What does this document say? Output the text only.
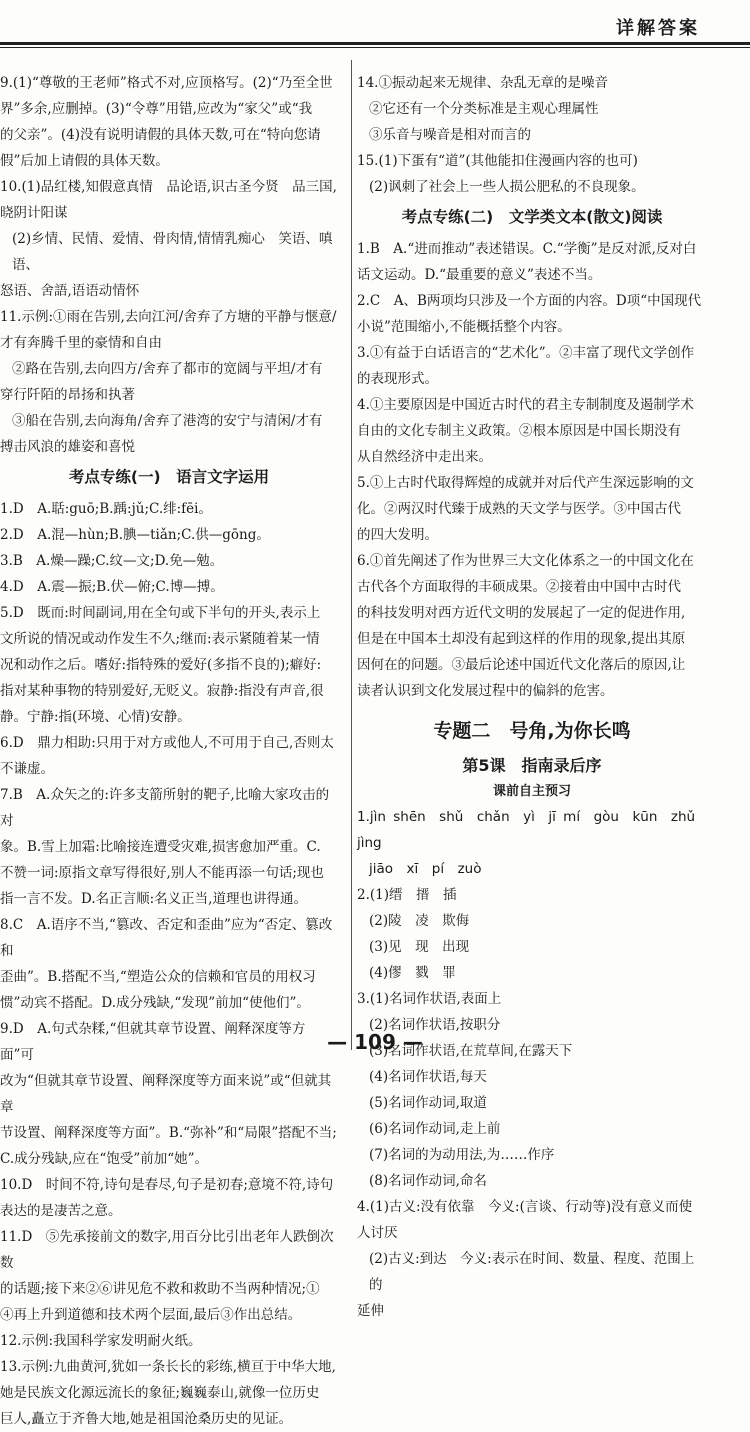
详解答案

9.(1)“尊敬的王老师”格式不对,应顶格写。(2)“乃至全世

界”多余,应删掉。(3)“令尊”用错,应改为“家父”或“我

的父亲”。(4)没有说明请假的具体天数,可在“特向您请

假”后加上请假的具体天数。

10.(1)品红楼,知假意真情　品论语,识古圣今贤　品三国,

晓阴计阳谋

(2)乡情、民情、爱情、骨肉情,情情乳痴心　笑语、嗔语、

怒语、舍語,语语动情怀

11.示例:①雨在告别,去向江河/舍弃了方塘的平静与惬意/

才有奔腾千里的豪情和自由

②路在告别,去向四方/舍弃了都市的宽阔与平坦/才有

穿行阡陌的昂扬和执著

③船在告别,去向海角/舍弃了港湾的安宁与清闲/才有

搏击风浪的雄姿和喜悦

考点专练(一)　语言文字运用

1.D　A.聒:guō;B.踽:jǔ;C.绯:fēi。

2.D　A.混—hùn;B.腆—tiǎn;C.供—gōng。

3.B　A.燥—躁;C.纹—文;D.免—勉。

4.D　A.震—振;B.伏—俯;C.博—搏。

5.D　既而:时间副词,用在全句或下半句的开头,表示上

文所说的情况或动作发生不久;继而:表示紧随着某一情

况和动作之后。嗜好:指特殊的爱好(多指不良的);癖好:

指对某种事物的特别爱好,无贬义。寂静:指没有声音,很

静。宁静:指(环境、心情)安静。

6.D　鼎力相助:只用于对方或他人,不可用于自己,否则太

不谦虚。

7.B　A.众矢之的:许多支箭所射的靶子,比喻大家攻击的对

象。B.雪上加霜:比喻接连遭受灾难,损害愈加严重。C.

不赞一词:原指文章写得很好,别人不能再添一句话;现也

指一言不发。D.名正言顺:名义正当,道理也讲得通。

8.C　A.语序不当,“篡改、否定和歪曲”应为“否定、篡改和

歪曲”。B.搭配不当,“塑造公众的信赖和官员的用权习

惯”动宾不搭配。D.成分残缺,“发现”前加“使他们”。

9.D　A.句式杂糅,“但就其章节设置、阐释深度等方面”可

改为“但就其章节设置、阐释深度等方面来说”或“但就其章

节设置、阐释深度等方面”。B.“弥补”和“局限”搭配不当;

C.成分残缺,应在“饱受”前加“她”。

10.D　时间不符,诗句是春尽,句子是初春;意境不符,诗句

表达的是凄苦之意。

11.D　⑤先承接前文的数字,用百分比引出老年人跌倒次数

的话题;接下来②⑥讲见危不救和救助不当两种情况;①

④再上升到道德和技术两个层面,最后③作出总结。

12.示例:我国科学家发明耐火纸。

13.示例:九曲黄河,犹如一条长长的彩练,横亘于中华大地,

她是民族文化源远流长的象征;巍巍泰山,就像一位历史

巨人,矗立于齐鲁大地,她是祖国沧桑历史的见证。

14.①振动起来无规律、杂乱无章的是噪音

②它还有一个分类标准是主观心理属性

③乐音与噪音是相对而言的

15.(1)下蛋有“道”(其他能扣住漫画内容的也可)

(2)讽刺了社会上一些人损公肥私的不良现象。

考点专练(二)　文学类文本(散文)阅读

1.B　A.“进而推动”表述错误。C.“学衡”是反对派,反对白

话文运动。D.“最重要的意义”表述不当。

2.C　A、B两项均只涉及一个方面的内容。D项“中国现代

小说”范围缩小,不能概括整个内容。

3.①有益于白话语言的“艺术化”。②丰富了现代文学创作

的表现形式。

4.①主要原因是中国近古时代的君主专制制度及遏制学术

自由的文化专制主义政策。②根本原因是中国长期没有

从自然经济中走出来。

5.①上古时代取得辉煌的成就并对后代产生深远影响的文

化。②两汉时代臻于成熟的天文学与医学。③中国古代

的四大发明。

6.①首先阐述了作为世界三大文化体系之一的中国文化在

古代各个方面取得的丰硕成果。②接着由中国中古时代

的科技发明对西方近代文明的发展起了一定的促进作用,

但是在中国本土却没有起到这样的作用的现象,提出其原

因何在的问题。③最后论述中国近代文化落后的原因,让

读者认识到文化发展过程中的偏斜的危害。

专题二　号角,为你长鸣

第5课　指南录后序

课前自主预习

1.jìn shēn　shǔ　chǎn　yì　jī mí　gòu　kūn　zhǔ　jìng

jiāo　xī　pí　zuò

2.(1)缙　搢　插

(2)陵　凌　欺侮

(3)见　现　出现

(4)僇　戮　罪

3.(1)名词作状语,表面上

(2)名词作状语,按职分

(3)名词作状语,在荒草间,在露天下

(4)名词作状语,每天

(5)名词作动词,取道

(6)名词作动词,走上前

(7)名词的为动用法,为……作序

(8)名词作动词,命名

4.(1)古义:没有依靠　今义:(言谈、行动等)没有意义而使

人讨厌

(2)古义:到达　今义:表示在时间、数量、程度、范围上的

延伸

— 109 —
